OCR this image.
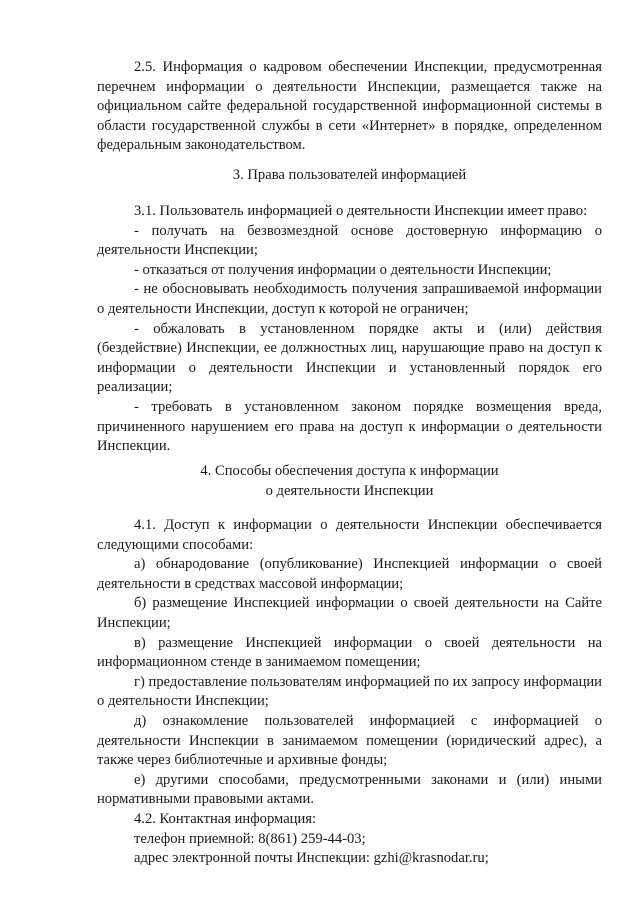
2.5. Информация о кадровом обеспечении Инспекции, предусмотренная перечнем информации о деятельности Инспекции, размещается также на официальном сайте федеральной государственной информационной системы в области государственной службы в сети «Интернет» в порядке, определенном федеральным законодательством.

3. Права пользователей информацией

3.1. Пользователь информацией о деятельности Инспекции имеет право:

- получать на безвозмездной основе достоверную информацию о деятельности Инспекции;

- отказаться от получения информации о деятельности Инспекции;

- не обосновывать необходимость получения запрашиваемой информации о деятельности Инспекции, доступ к которой не ограничен;

- обжаловать в установленном порядке акты и (или) действия (бездействие) Инспекции, ее должностных лиц, нарушающие право на доступ к информации о деятельности Инспекции и установленный порядок его реализации;

- требовать в установленном законом порядке возмещения вреда, причиненного нарушением его права на доступ к информации о деятельности Инспекции.

4. Способы обеспечения доступа к информации
о деятельности Инспекции

4.1. Доступ к информации о деятельности Инспекции обеспечивается следующими способами:

а) обнародование (опубликование) Инспекцией информации о своей деятельности в средствах массовой информации;

б) размещение Инспекцией информации о своей деятельности на Сайте Инспекции;

в) размещение Инспекцией информации о своей деятельности на информационном стенде в занимаемом помещении;

г) предоставление пользователям информацией по их запросу информации о деятельности Инспекции;

д) ознакомление пользователей информацией с информацией о деятельности Инспекции в занимаемом помещении (юридический адрес), а также через библиотечные и архивные фонды;

е) другими способами, предусмотренными законами и (или) иными нормативными правовыми актами.

4.2. Контактная информация:

телефон приемной: 8(861) 259-44-03;

адрес электронной почты Инспекции: gzhi@krasnodar.ru;
